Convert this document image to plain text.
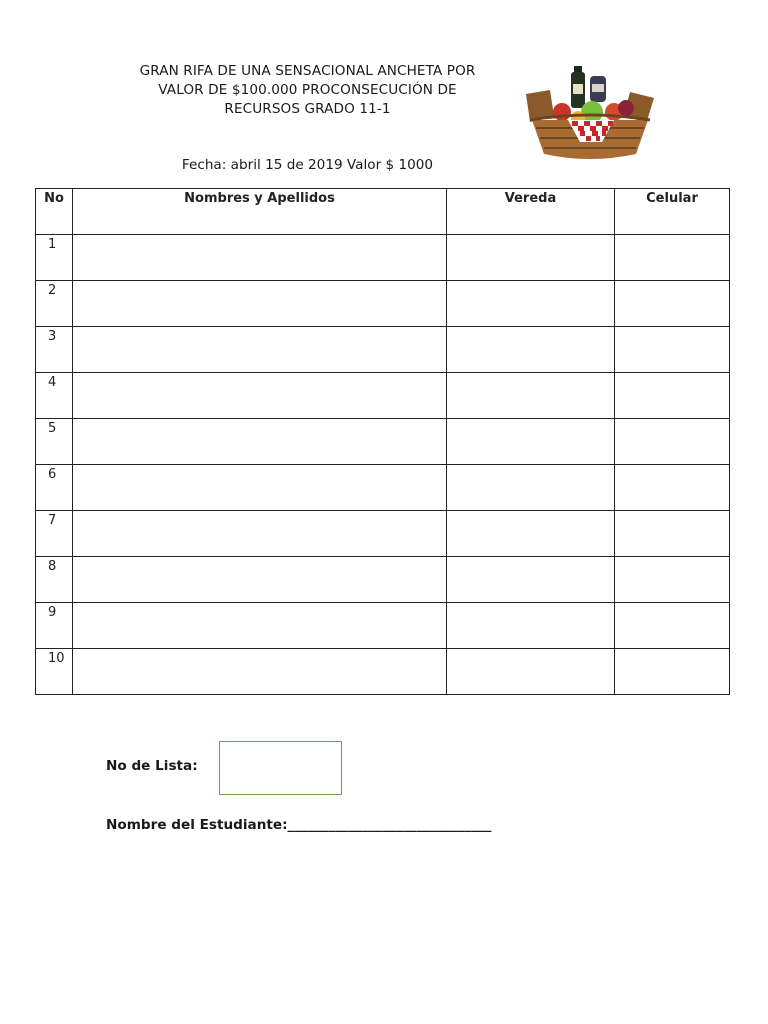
GRAN RIFA DE UNA SENSACIONAL ANCHETA POR
VALOR DE $100.000 PROCONSECUCIÓN DE
RECURSOS GRADO 11-1
Fecha: abril 15 de 2019 Valor $ 1000
No	Nombres y Apellidos	Vereda	Celular
1			
2			
3			
4			
5			
6			
7			
8			
9			
10			
No de Lista:
Nombre del Estudiante:______________________________
